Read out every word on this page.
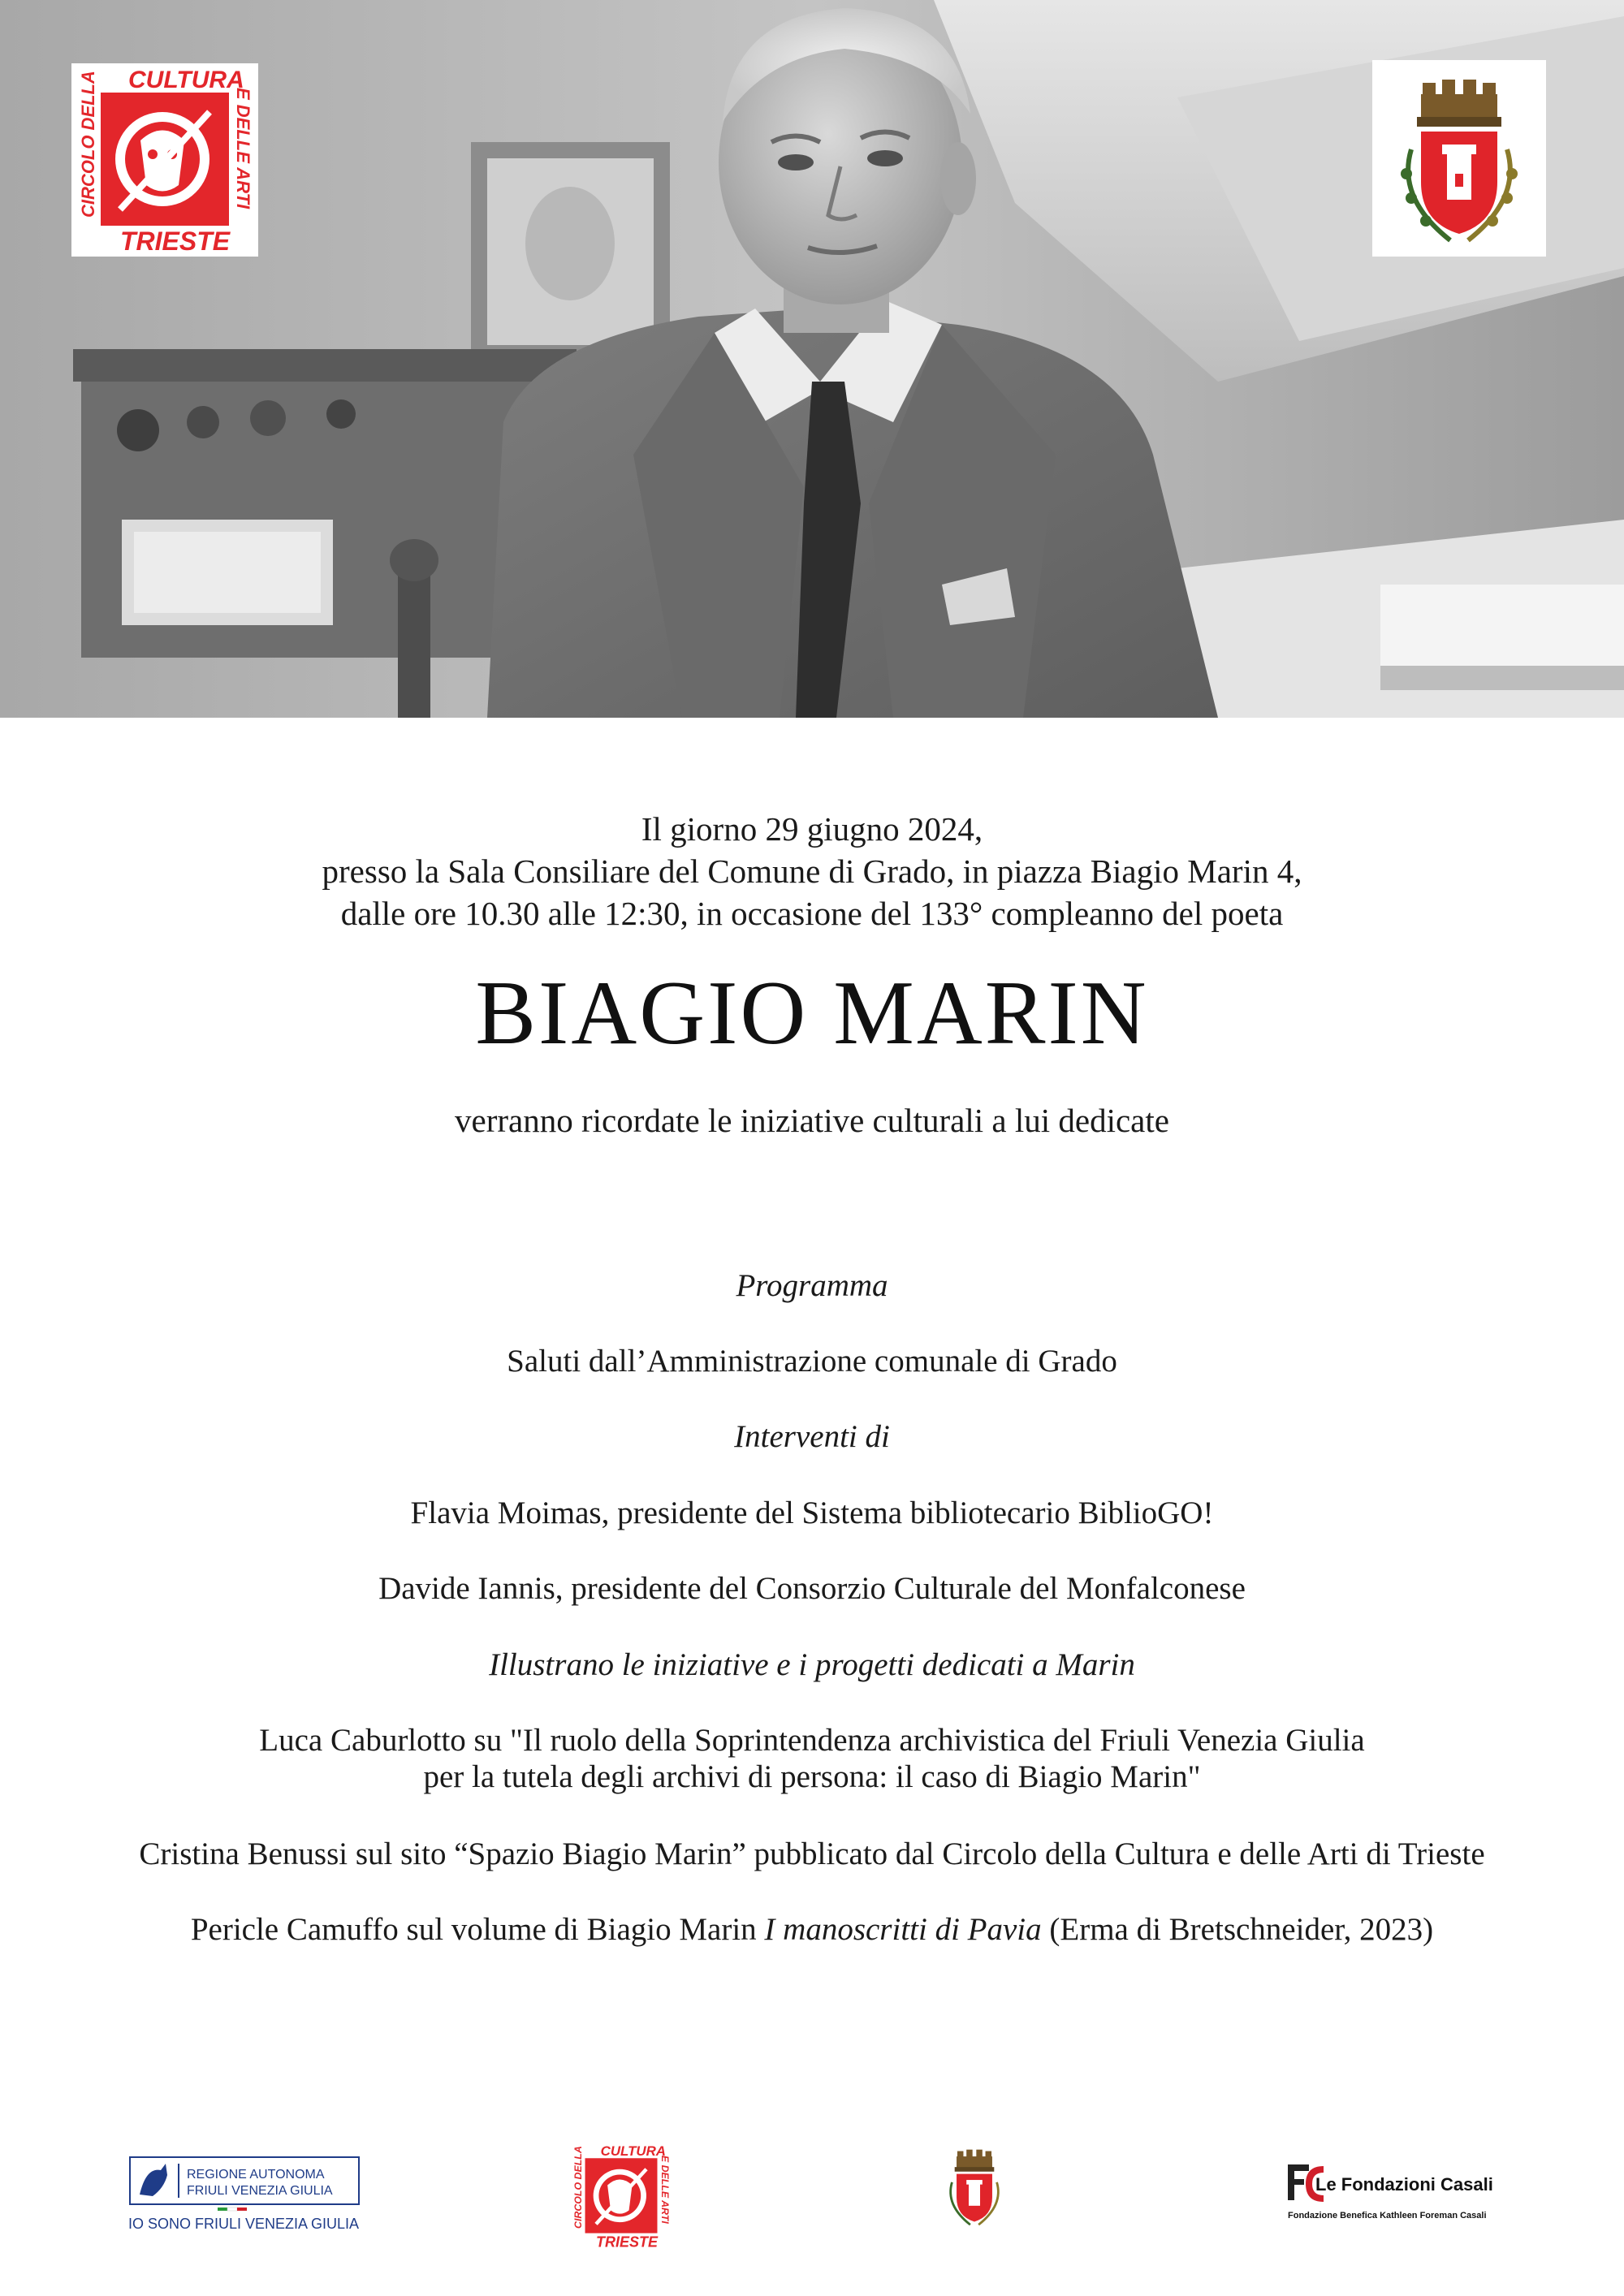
CULTURA
TRIESTE
CIRCOLO DELLA	E DELLE ARTI
Il giorno 29 giugno 2024,
presso la Sala Consiliare del Comune di Grado, in piazza Biagio Marin 4,
dalle ore 10.30 alle 12:30, in occasione del 133° compleanno del poeta
BIAGIO MARIN
verranno ricordate le iniziative culturali a lui dedicate
Programma
Saluti dall’Amministrazione comunale di Grado
Interventi di
Flavia Moimas, presidente del Sistema bibliotecario BiblioGO!
Davide Iannis, presidente del Consorzio Culturale del Monfalconese
Illustrano le iniziative e i progetti dedicati a Marin
Luca Caburlotto su "Il ruolo della Soprintendenza archivistica del Friuli Venezia Giulia
per la tutela degli archivi di persona: il caso di Biagio Marin"
Cristina Benussi sul sito “Spazio Biagio Marin” pubblicato dal Circolo della Cultura e delle Arti di Trieste
Pericle Camuffo sul volume di Biagio Marin I manoscritti di Pavia (Erma di Bretschneider, 2023)
REGIONE AUTONOMA
FRIULI VENEZIA GIULIA
IO SONO FRIULI VENEZIA GIULIA
CULTURA
TRIESTE
CIRCOLO DELLA	E DELLE ARTI	Le Fondazioni Casali
Fondazione Benefica Kathleen Foreman Casali
